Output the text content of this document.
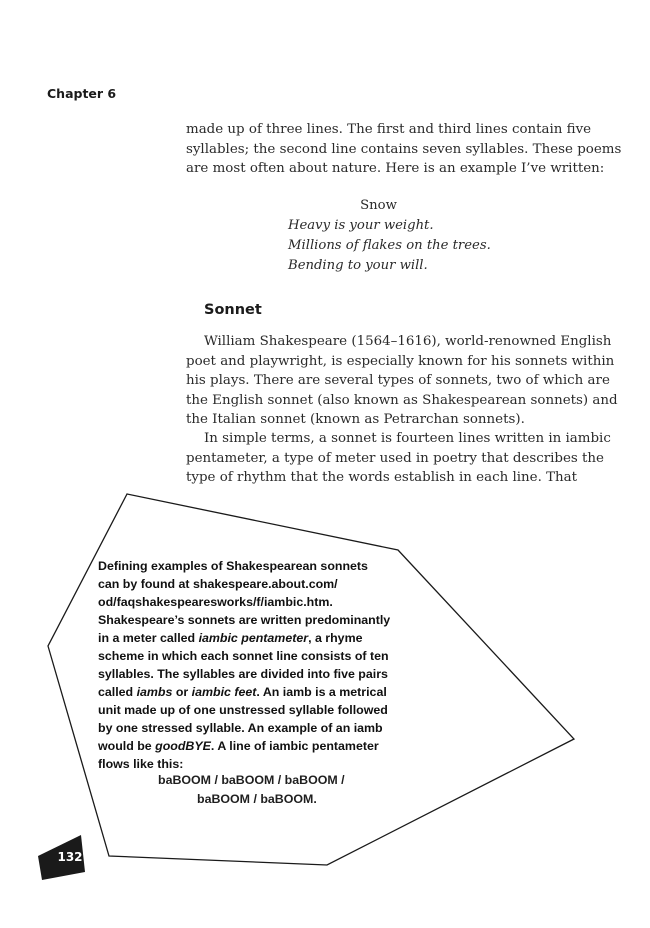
Chapter 6

made up of three lines. The first and third lines contain five
syllables; the second line contains seven syllables. These poems
are most often about nature. Here is an example I’ve written:

Snow
Heavy is your weight.
Millions of flakes on the trees.
Bending to your will.
Sonnet

William Shakespeare (1564–1616), world-renowned English
poet and playwright, is especially known for his sonnets within
his plays. There are several types of sonnets, two of which are
the English sonnet (also known as Shakespearean sonnets) and
the Italian sonnet (known as Petrarchan sonnets).

In simple terms, a sonnet is fourteen lines written in iambic
pentameter, a type of meter used in poetry that describes the
type of rhythm that the words establish in each line. That

Defining examples of Shakespearean sonnets
can by found at shakespeare.about.com/
od/faqshakespearesworks/f/iambic.htm.
Shakespeare’s sonnets are written predominantly
in a meter called iambic pentameter, a rhyme
scheme in which each sonnet line consists of ten
syllables. The syllables are divided into five pairs
called iambs or iambic feet. An iamb is a metrical
unit made up of one unstressed syllable followed
by one stressed syllable. An example of an iamb
would be goodBYE. A line of iambic pentameter
flows like this:
baBOOM / baBOOM / baBOOM /
baBOOM / baBOOM.
132
